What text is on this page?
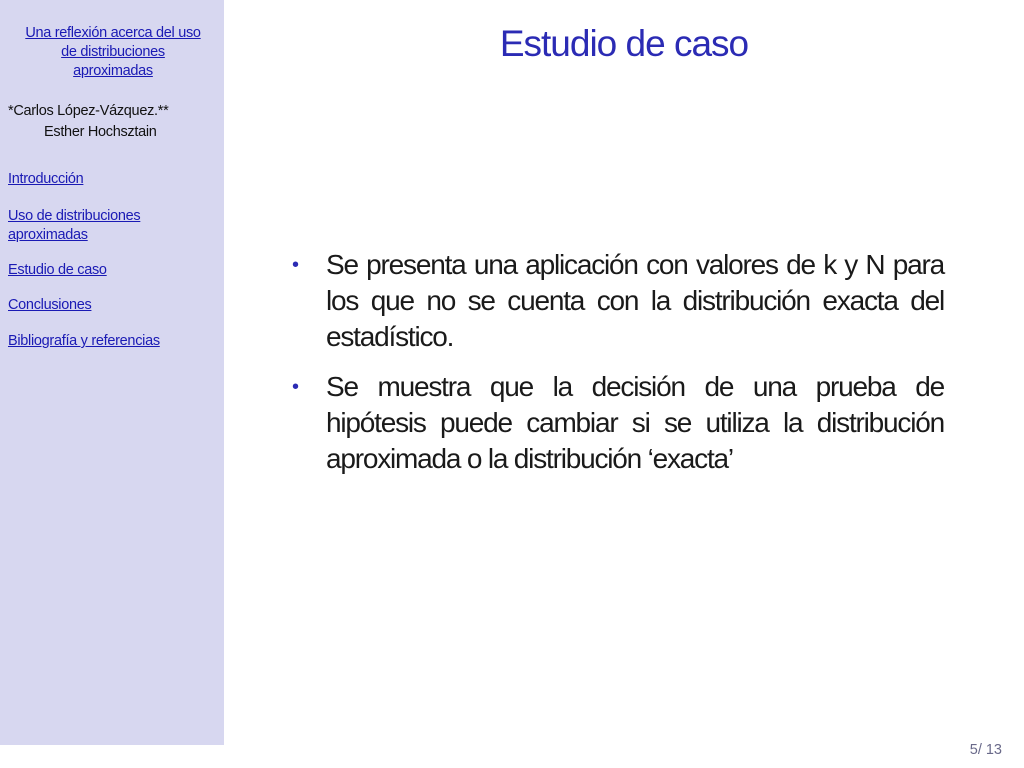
Una reflexión acerca del uso de distribuciones aproximadas
*Carlos López-Vázquez.**
Esther Hochsztain
Introducción
Uso de distribuciones aproximadas
Estudio de caso
Conclusiones
Bibliografía y referencias
Estudio de caso
• Se presenta una aplicación con valores de k y N para los que no se cuenta con la distribución exacta del estadístico.
• Se muestra que la decisión de una prueba de hipótesis puede cambiar si se utiliza la distribución aproximada o la distribución ‘exacta’
5/ 13
